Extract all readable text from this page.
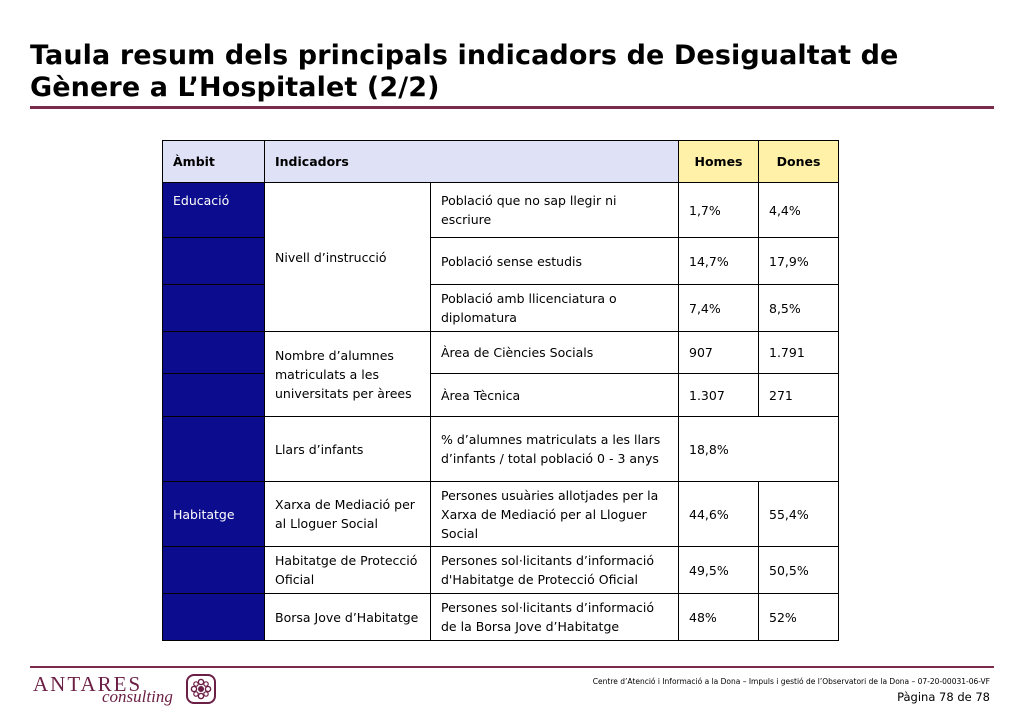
Taula resum dels principals indicadors de Desigualtat de Gènere a L’Hospitalet (2/2)
Àmbit	Indicadors		Homes	Dones
Educació	Nivell d’instrucció	Població que no sap llegir ni escriure	1,7%	4,4%
		Població sense estudis	14,7%	17,9%
		Població amb llicenciatura o diplomatura	7,4%	8,5%
	Nombre d’alumnes matriculats a les universitats per àrees	Àrea de Ciències Socials	907	1.791
		Àrea Tècnica	1.307	271
	Llars d’infants	% d’alumnes matriculats a les llars d’infants / total població 0 - 3 anys	18,8%	
Habitatge	Xarxa de Mediació per al Lloguer Social	Persones usuàries allotjades per la Xarxa de Mediació per al Lloguer Social	44,6%	55,4%
	Habitatge de Protecció Oficial	Persones sol·licitants d’informació d'Habitatge de Protecció Oficial	49,5%	50,5%
	Borsa Jove d’Habitatge	Persones sol·licitants d’informació de la Borsa Jove d’Habitatge	48%	52%
ANTARES
consulting
Centre d’Atenció i Informació a la Dona – Impuls i gestió de l’Observatori de la Dona – 07-20-00031-06-VF
Pàgina 78 de 78
